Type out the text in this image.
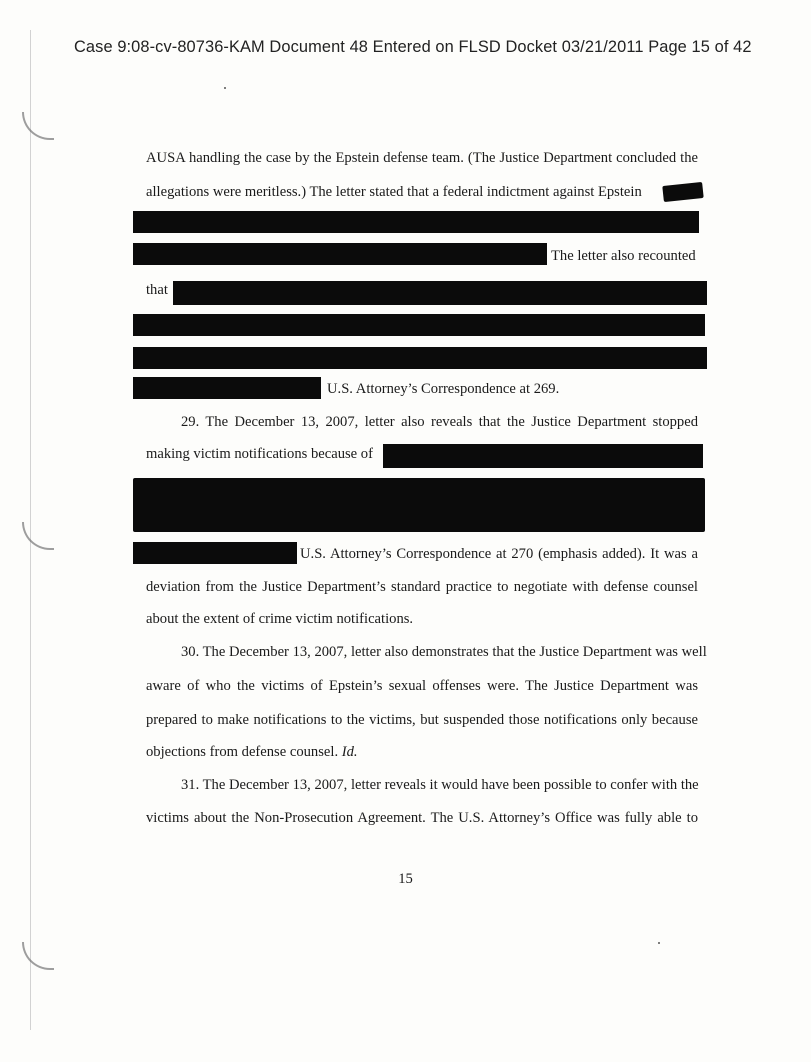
Case 9:08-cv-80736-KAM Document 48 Entered on FLSD Docket 03/21/2011 Page 15 of 42
AUSA handling the case by the Epstein defense team. (The Justice Department concluded the
allegations were meritless.) The letter stated that a federal indictment against Epstein
The letter also recounted
that
U.S. Attorney’s Correspondence at 269.
29. The December 13, 2007, letter also reveals that the Justice Department stopped
making victim notifications because of
U.S. Attorney’s Correspondence at 270 (emphasis added). It was a
deviation from the Justice Department’s standard practice to negotiate with defense counsel
about the extent of crime victim notifications.
30. The December 13, 2007, letter also demonstrates that the Justice Department was well
aware of who the victims of Epstein’s sexual offenses were. The Justice Department was
prepared to make notifications to the victims, but suspended those notifications only because
objections from defense counsel. Id.
31. The December 13, 2007, letter reveals it would have been possible to confer with the
victims about the Non-Prosecution Agreement. The U.S. Attorney’s Office was fully able to
15
